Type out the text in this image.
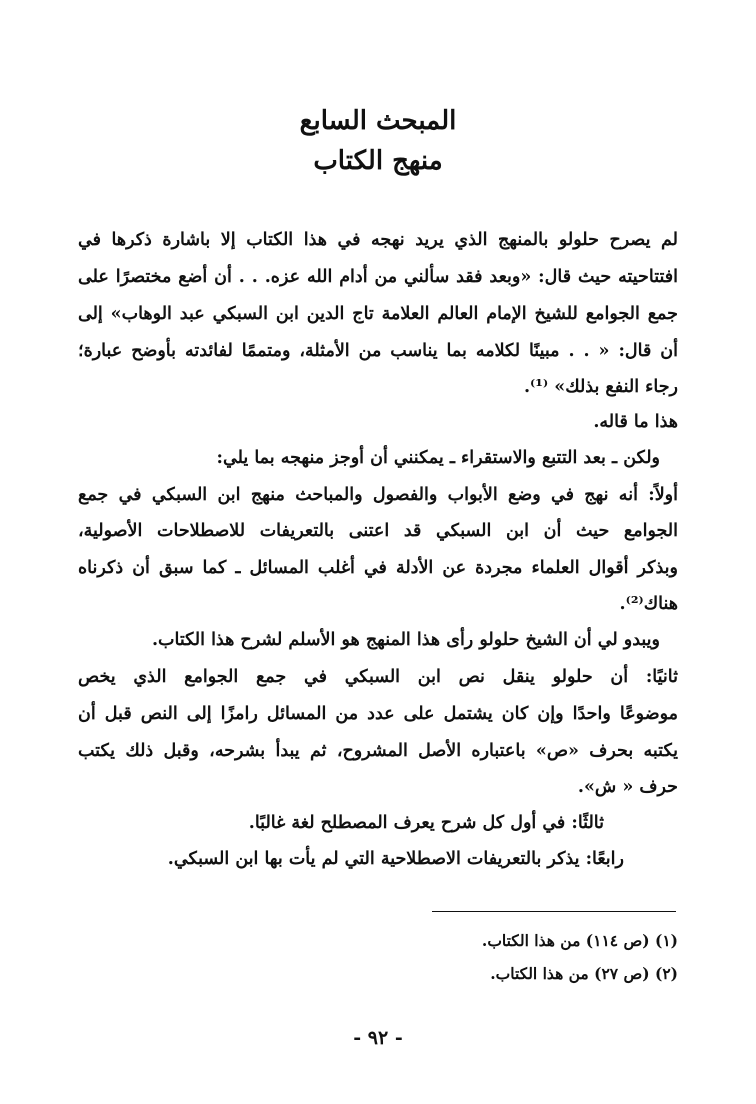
المبحث السابع
منهج الكتاب
لم يصرح حلولو بالمنهج الذي يريد نهجه في هذا الكتاب إلا باشارة ذكرها في
افتتاحيته حيث قال: «وبعد فقد سألني من أدام الله عزه. . . أن أضع مختصرًا على
جمع الجوامع للشيخ الإمام العالم العلامة تاج الدين ابن السبكي عبد الوهاب» إلى
أن قال: « . . مبينًا لكلامه بما يناسب من الأمثلة، ومتممًا لفائدته بأوضح عبارة؛
رجاء النفع بذلك» ⁽¹⁾.
هذا ما قاله.
ولكن ـ بعد التتبع والاستقراء ـ يمكنني أن أوجز منهجه بما يلي:
أولاً: أنه نهج في وضع الأبواب والفصول والمباحث منهج ابن السبكي في جمع
الجوامع حيث أن ابن السبكي قد اعتنى بالتعريفات للاصطلاحات الأصولية،
وبذكر أقوال العلماء مجردة عن الأدلة في أغلب المسائل ـ كما سبق أن ذكرناه
هناك⁽²⁾.
ويبدو لي أن الشيخ حلولو رأى هذا المنهج هو الأسلم لشرح هذا الكتاب.
ثانيًا: أن حلولو ينقل نص ابن السبكي في جمع الجوامع الذي يخص
موضوعًا واحدًا وإن كان يشتمل على عدد من المسائل رامزًا إلى النص قبل أن
يكتبه بحرف «ص» باعتباره الأصل المشروح، ثم يبدأ بشرحه، وقبل ذلك يكتب
حرف « ش».
ثالثًا: في أول كل شرح يعرف المصطلح لغة غالبًا.
رابعًا: يذكر بالتعريفات الاصطلاحية التي لم يأت بها ابن السبكي.
(١) (ص ١١٤) من هذا الكتاب.
(٢) (ص ٢٧) من هذا الكتاب.
- ٩٢ -
